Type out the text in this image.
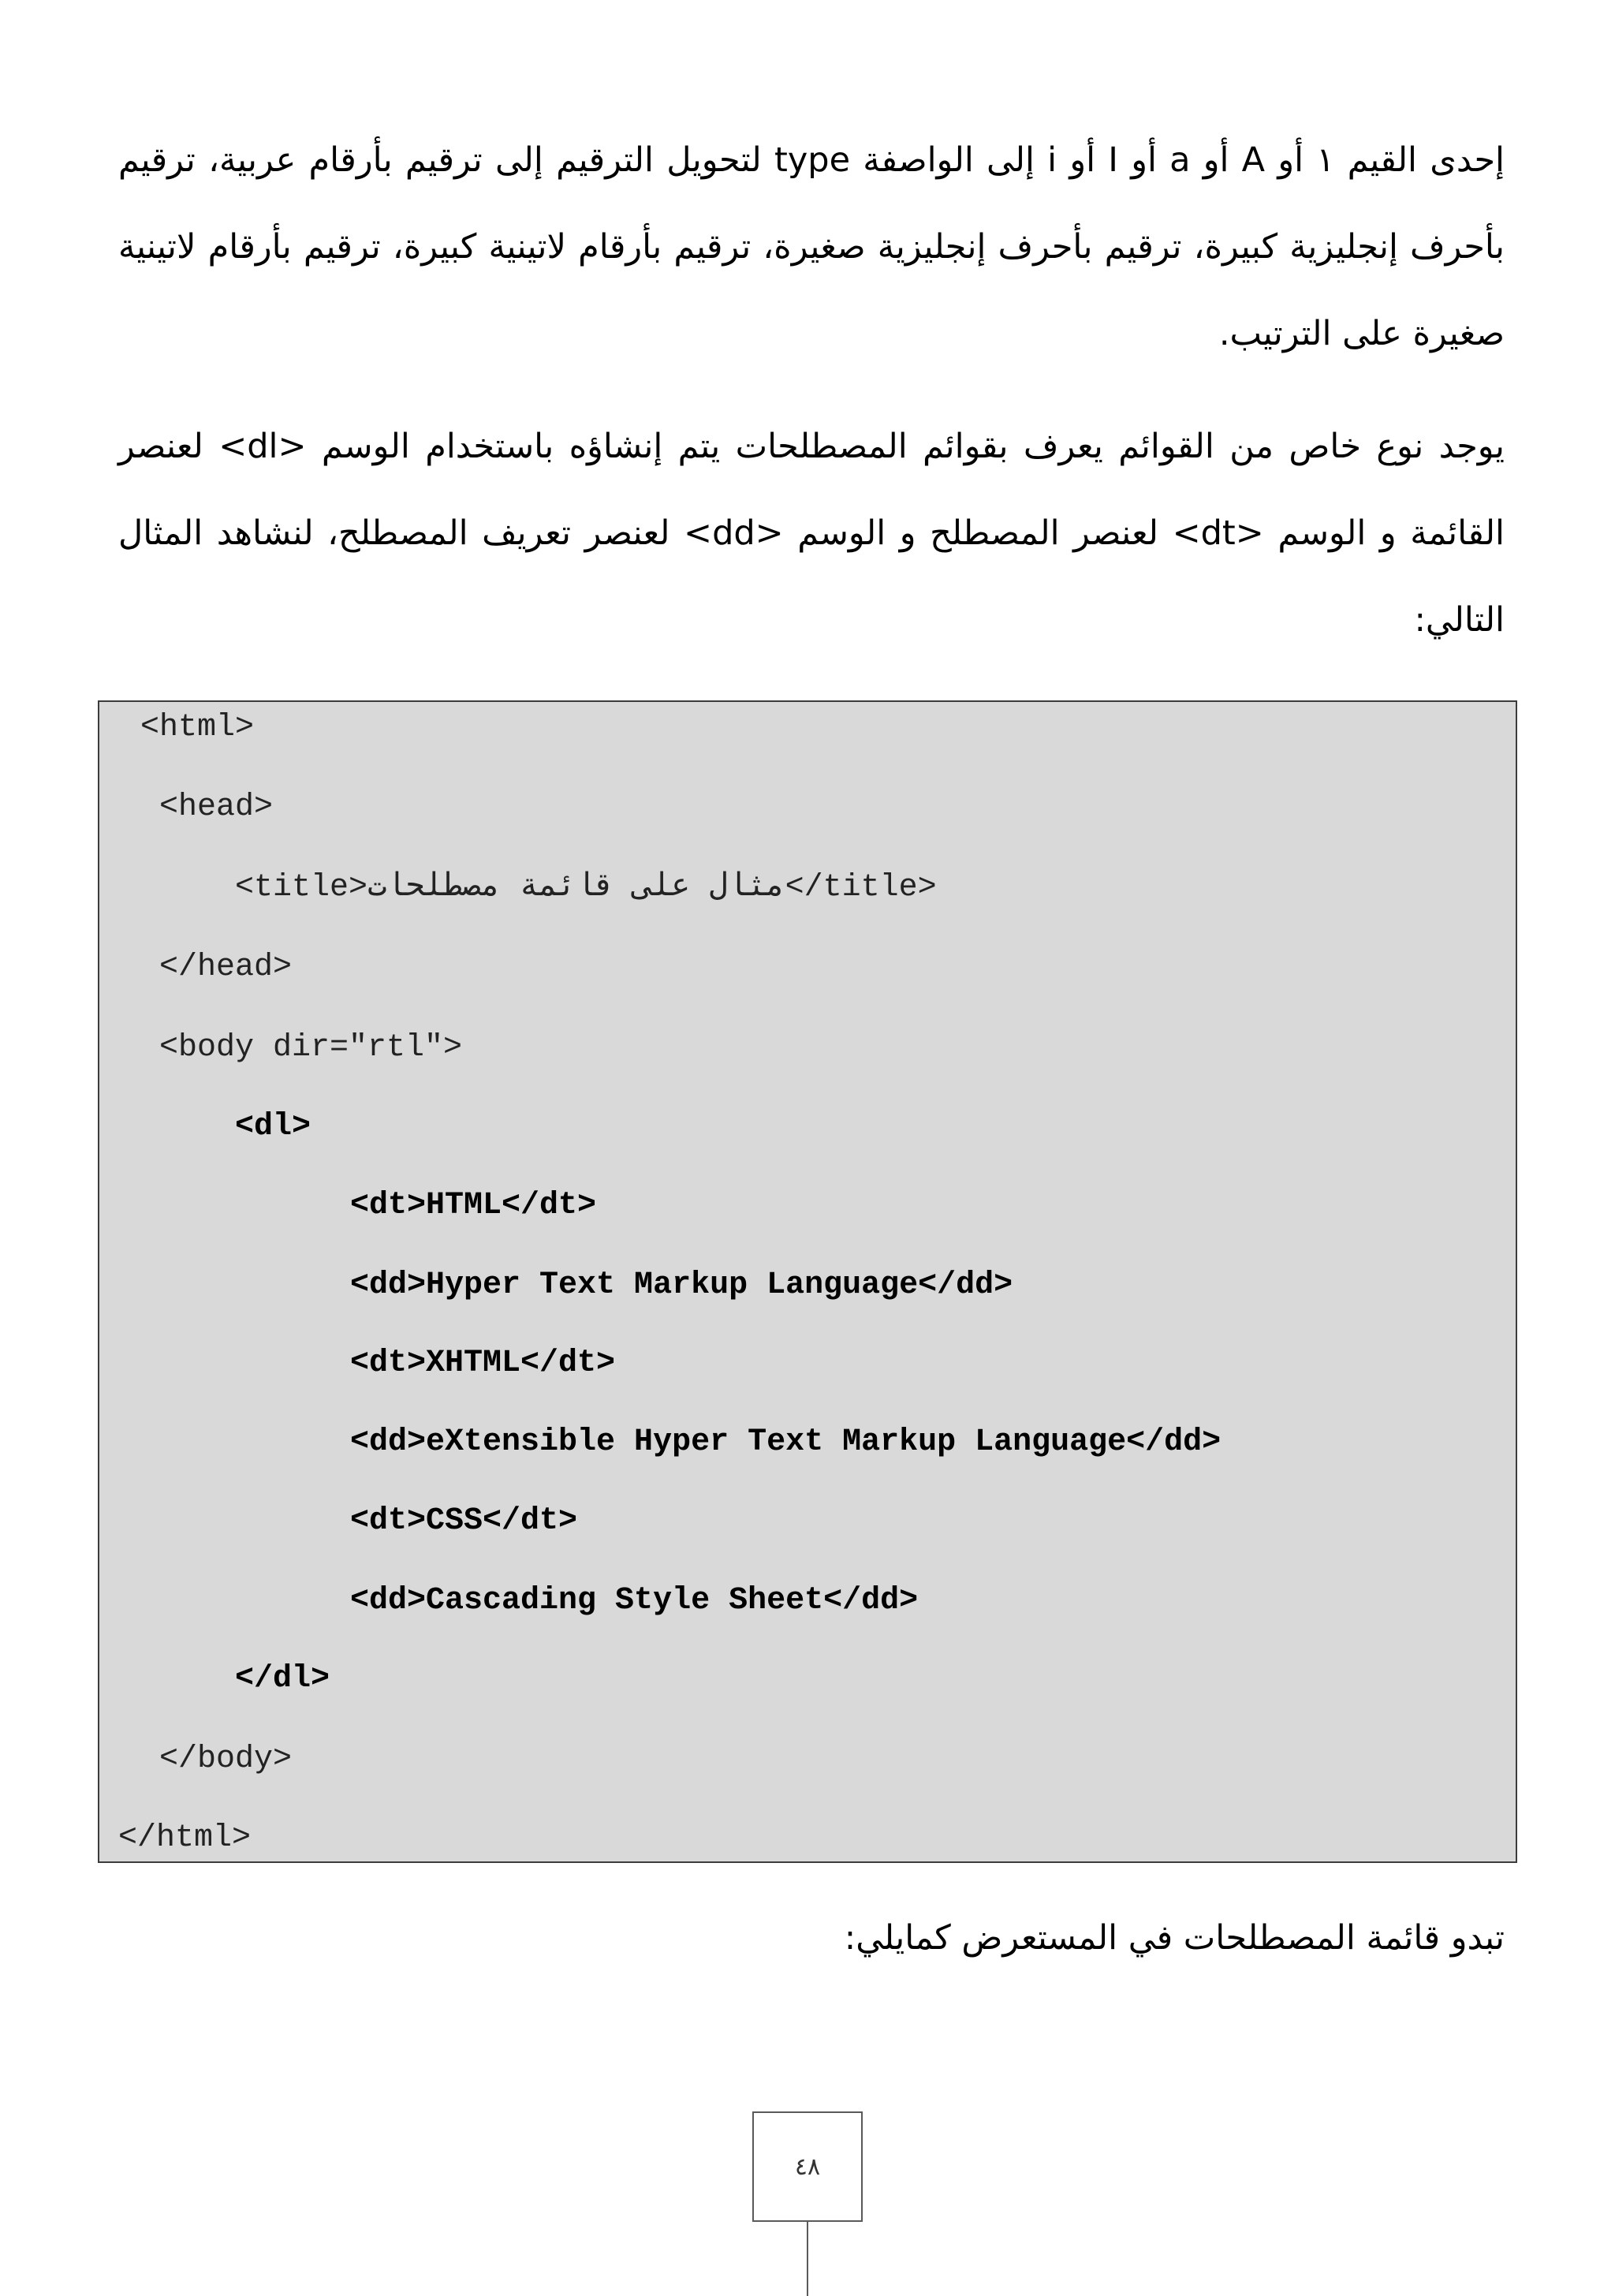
إحدى القيم ١ أو A أو a أو I أو i إلى الواصفة type لتحويل الترقيم إلى ترقيم بأرقام عربية، ترقيم بأحرف إنجليزية كبيرة، ترقيم بأحرف إنجليزية صغيرة، ترقيم بأرقام لاتينية كبيرة، ترقيم بأرقام لاتينية صغيرة على الترتيب.

يوجد نوع خاص من القوائم يعرف بقوائم المصطلحات يتم إنشاؤه باستخدام الوسم <dl> لعنصر القائمة و الوسم <dt> لعنصر المصطلح و الوسم <dd> لعنصر تعريف المصطلح، لنشاهد المثال التالي:

<html>
<head>
<title>مثال على قائمة مصطلحات</title>
</head>
<body dir="rtl">
<dl>
<dt>HTML</dt>
<dd>Hyper Text Markup Language</dd>
<dt>XHTML</dt>
<dd>eXtensible Hyper Text Markup Language</dd>
<dt>CSS</dt>
<dd>Cascading Style Sheet</dd>
</dl>
</body>
</html>

تبدو قائمة المصطلحات في المستعرض كمايلي:

٤٨
